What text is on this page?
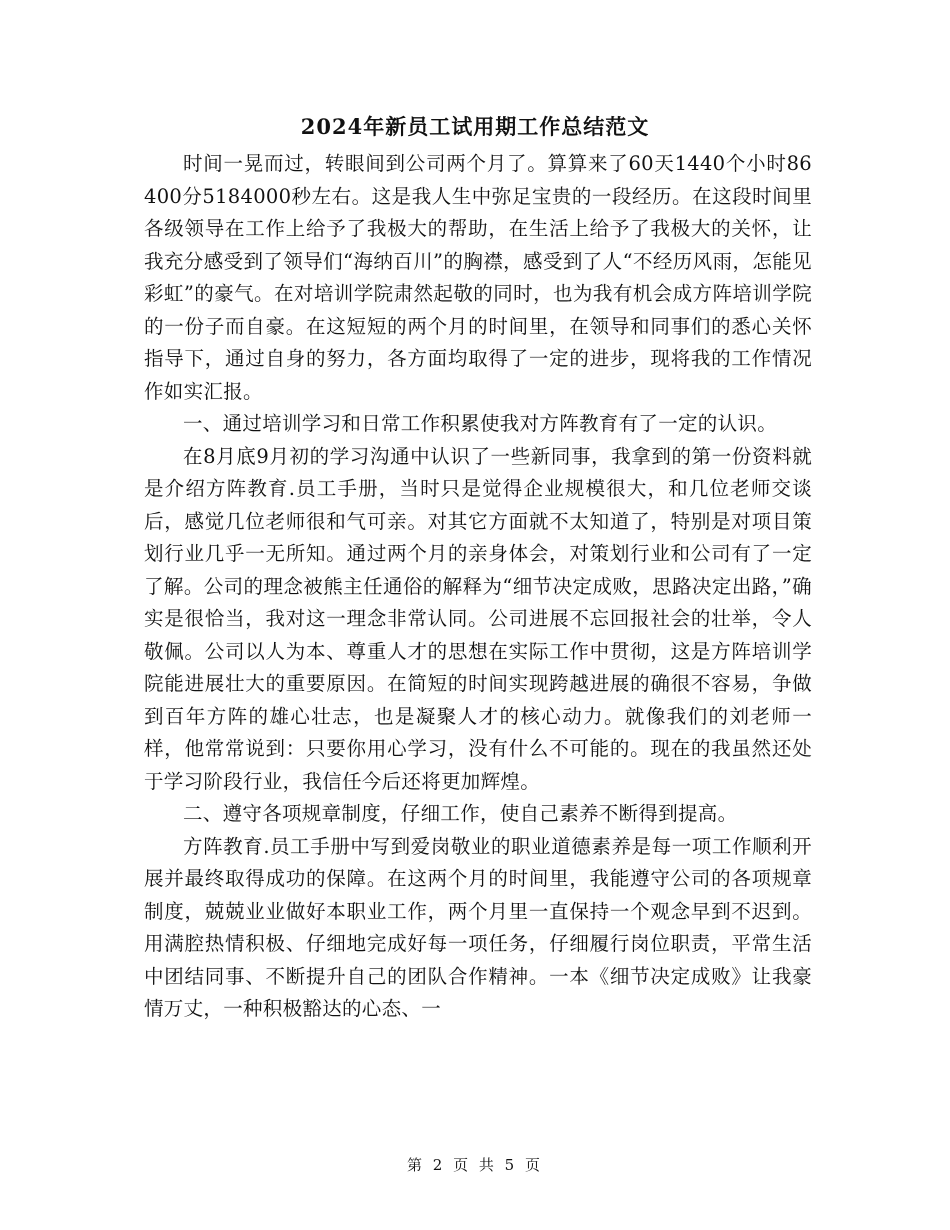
2024年新员工试用期工作总结范文

时间一晃而过，转眼间到公司两个月了。算算来了60天1440个小时86400分5184000秒左右。这是我人生中弥足宝贵的一段经历。在这段时间里各级领导在工作上给予了我极大的帮助，在生活上给予了我极大的关怀，让我充分感受到了领导们“海纳百川”的胸襟，感受到了人“不经历风雨，怎能见彩虹”的豪气。在对培训学院肃然起敬的同时，也为我有机会成方阵培训学院的一份子而自豪。在这短短的两个月的时间里，在领导和同事们的悉心关怀指导下，通过自身的努力，各方面均取得了一定的进步，现将我的工作情况作如实汇报。

一、通过培训学习和日常工作积累使我对方阵教育有了一定的认识。

在8月底9月初的学习沟通中认识了一些新同事，我拿到的第一份资料就是介绍方阵教育.员工手册，当时只是觉得企业规模很大，和几位老师交谈后，感觉几位老师很和气可亲。对其它方面就不太知道了，特别是对项目策划行业几乎一无所知。通过两个月的亲身体会，对策划行业和公司有了一定了解。公司的理念被熊主任通俗的解释为“细节决定成败，思路决定出路，”确实是很恰当，我对这一理念非常认同。公司进展不忘回报社会的壮举，令人敬佩。公司以人为本、尊重人才的思想在实际工作中贯彻，这是方阵培训学院能进展壮大的重要原因。在简短的时间实现跨越进展的确很不容易，争做到百年方阵的雄心壮志，也是凝聚人才的核心动力。就像我们的刘老师一样，他常常说到：只要你用心学习，没有什么不可能的。现在的我虽然还处于学习阶段行业，我信任今后还将更加辉煌。

二、遵守各项规章制度，仔细工作，使自己素养不断得到提高。

方阵教育.员工手册中写到爱岗敬业的职业道德素养是每一项工作顺利开展并最终取得成功的保障。在这两个月的时间里，我能遵守公司的各项规章制度，兢兢业业做好本职业工作，两个月里一直保持一个观念早到不迟到。用满腔热情积极、仔细地完成好每一项任务，仔细履行岗位职责，平常生活中团结同事、不断提升自己的团队合作精神。一本《细节决定成败》让我豪情万丈，一种积极豁达的心态、一

第 2 页 共 5 页
